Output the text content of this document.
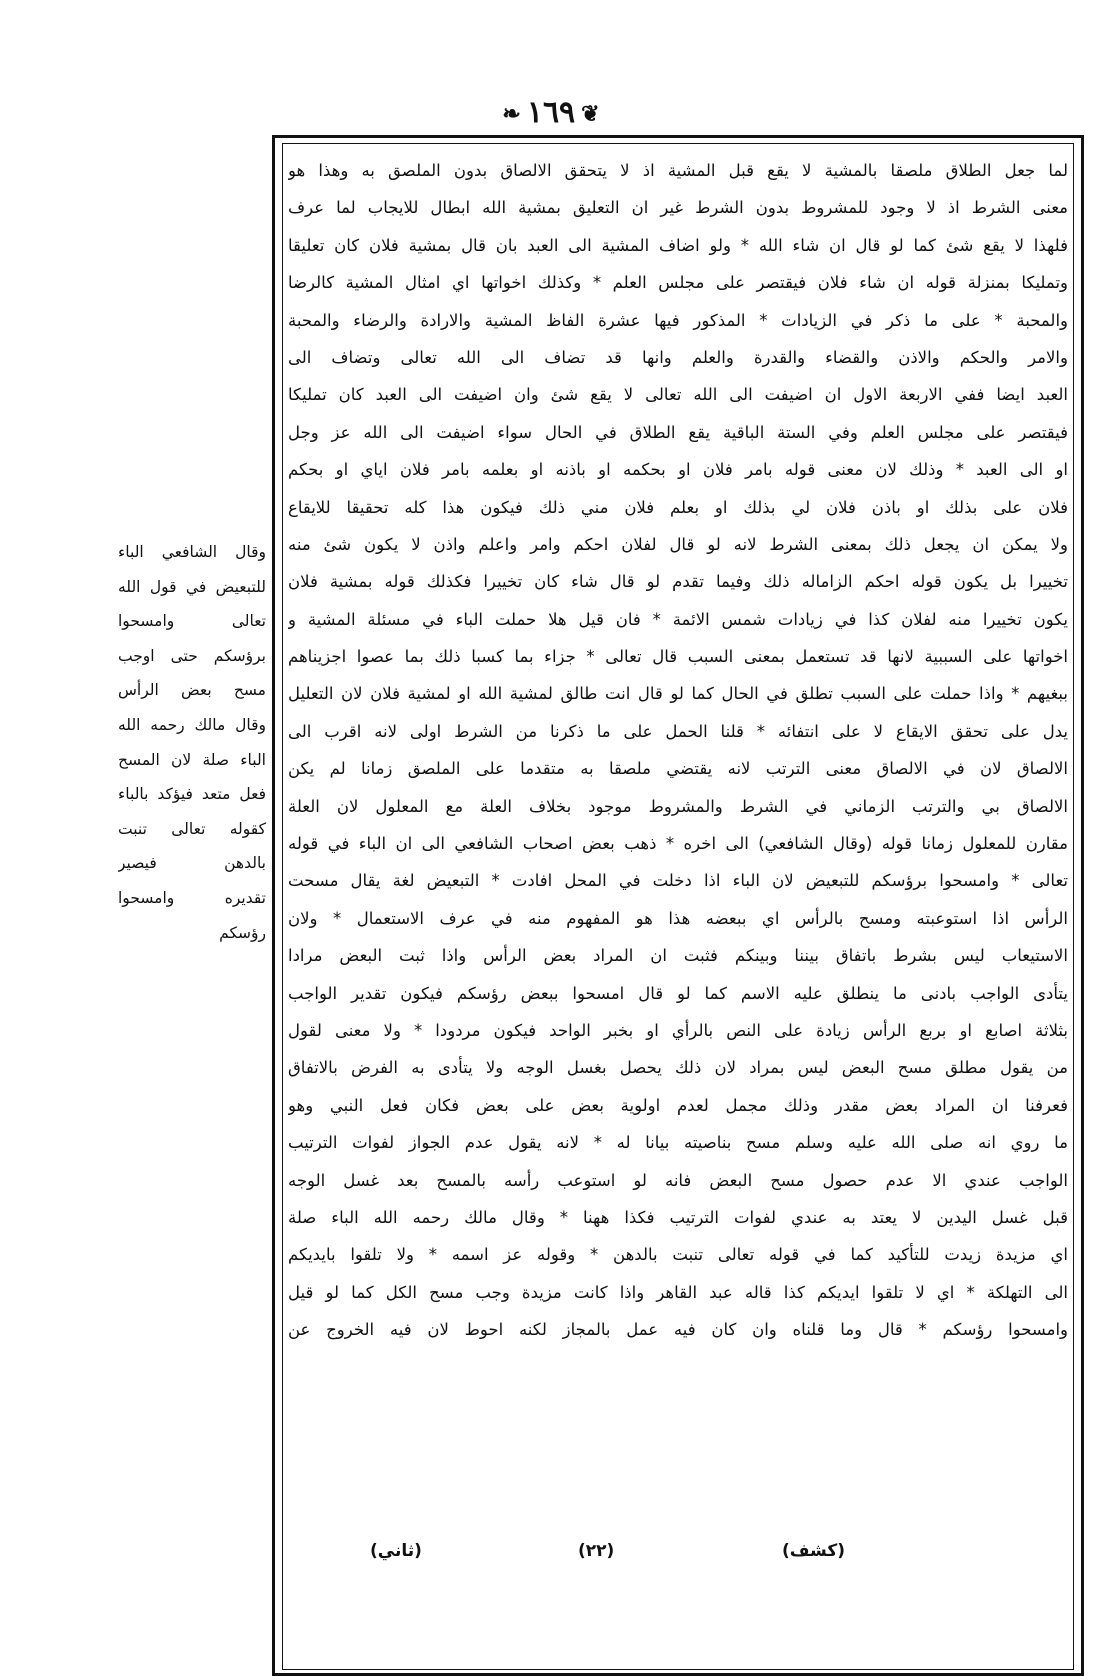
❦١٦٩❧
لما جعل الطلاق ملصقا بالمشية لا يقع قبل المشية اذ لا يتحقق الالصاق بدون الملصق به وهذا هو
معنى الشرط اذ لا وجود للمشروط بدون الشرط غير ان التعليق بمشية الله ابطال للايجاب لما عرف
فلهذا لا يقع شئ كما لو قال ان شاء الله * ولو اضاف المشية الى العبد بان قال بمشية فلان كان تعليقا
وتمليكا بمنزلة قوله ان شاء فلان فيقتصر على مجلس العلم * وكذلك اخواتها اي امثال المشية كالرضا
والمحبة * على ما ذكر في الزيادات * المذكور فيها عشرة الفاظ المشية والارادة والرضاء والمحبة
والامر والحكم والاذن والقضاء والقدرة والعلم وانها قد تضاف الى الله تعالى وتضاف الى
العبد ايضا ففي الاربعة الاول ان اضيفت الى الله تعالى لا يقع شئ وان اضيفت الى العبد كان تمليكا
فيقتصر على مجلس العلم وفي الستة الباقية يقع الطلاق في الحال سواء اضيفت الى الله عز وجل
او الى العبد * وذلك لان معنى قوله بامر فلان او بحكمه او باذنه او بعلمه بامر فلان اياي او بحكم
فلان على بذلك او باذن فلان لي بذلك او بعلم فلان مني ذلك فيكون هذا كله تحقيقا للايقاع
ولا يمكن ان يجعل ذلك بمعنى الشرط لانه لو قال لفلان احكم وامر واعلم واذن لا يكون شئ منه
تخييرا بل يكون قوله احكم الزاماله ذلك وفيما تقدم لو قال شاء كان تخييرا فكذلك قوله بمشية فلان
يكون تخييرا منه لفلان كذا في زيادات شمس الائمة * فان قيل هلا حملت الباء في مسئلة المشية و
اخواتها على السببية لانها قد تستعمل بمعنى السبب قال تعالى * جزاء بما كسبا ذلك بما عصوا اجزيناهم
ببغيهم * واذا حملت على السبب تطلق في الحال كما لو قال انت طالق لمشية الله او لمشية فلان لان التعليل
يدل على تحقق الايقاع لا على انتفائه * قلنا الحمل على ما ذكرنا من الشرط اولى لانه اقرب الى
الالصاق لان في الالصاق معنى الترتب لانه يقتضي ملصقا به متقدما على الملصق زمانا لم يكن
الالصاق بي والترتب الزماني في الشرط والمشروط موجود بخلاف العلة مع المعلول لان العلة
مقارن للمعلول زمانا قوله (وقال الشافعي) الى اخره * ذهب بعض اصحاب الشافعي الى ان الباء في قوله
تعالى * وامسحوا برؤسكم للتبعيض لان الباء اذا دخلت في المحل افادت * التبعيض لغة يقال مسحت
الرأس اذا استوعبته ومسح بالرأس اي ببعضه هذا هو المفهوم منه في عرف الاستعمال * ولان
الاستيعاب ليس بشرط باتفاق بيننا وبينكم فثبت ان المراد بعض الرأس واذا ثبت البعض مرادا
يتأدى الواجب بادنى ما ينطلق عليه الاسم كما لو قال امسحوا ببعض رؤسكم فيكون تقدير الواجب
بثلاثة اصابع او بربع الرأس زيادة على النص بالرأي او بخبر الواحد فيكون مردودا * ولا معنى لقول
من يقول مطلق مسح البعض ليس بمراد لان ذلك يحصل بغسل الوجه ولا يتأدى به الفرض بالاتفاق
فعرفنا ان المراد بعض مقدر وذلك مجمل لعدم اولوية بعض على بعض فكان فعل النبي وهو
ما روي انه صلى الله عليه وسلم مسح بناصيته بيانا له * لانه يقول عدم الجواز لفوات الترتيب
الواجب عندي الا عدم حصول مسح البعض فانه لو استوعب رأسه بالمسح بعد غسل الوجه
قبل غسل اليدين لا يعتد به عندي لفوات الترتيب فكذا ههنا * وقال مالك رحمه الله الباء صلة
اي مزيدة زيدت للتأكيد كما في قوله تعالى تنبت بالدهن * وقوله عز اسمه * ولا تلقوا بايديكم
الى التهلكة * اي لا تلقوا ايديكم كذا قاله عبد القاهر واذا كانت مزيدة وجب مسح الكل كما لو قيل
وامسحوا رؤسكم * قال وما قلناه وان كان فيه عمل بالمجاز لكنه احوط لان فيه الخروج عن
وقال الشافعي الباء
للتبعيض في قول الله
تعالى وامسحوا
برؤسكم حتى اوجب
مسح بعض الرأس
وقال مالك رحمه الله
الباء صلة لان المسح
فعل متعد فيؤكد بالباء
كقوله تعالى تنبت
بالدهن فيصير
تقديره وامسحوا
رؤسكم
(كشف)
(٢٢)
(ثاني)
